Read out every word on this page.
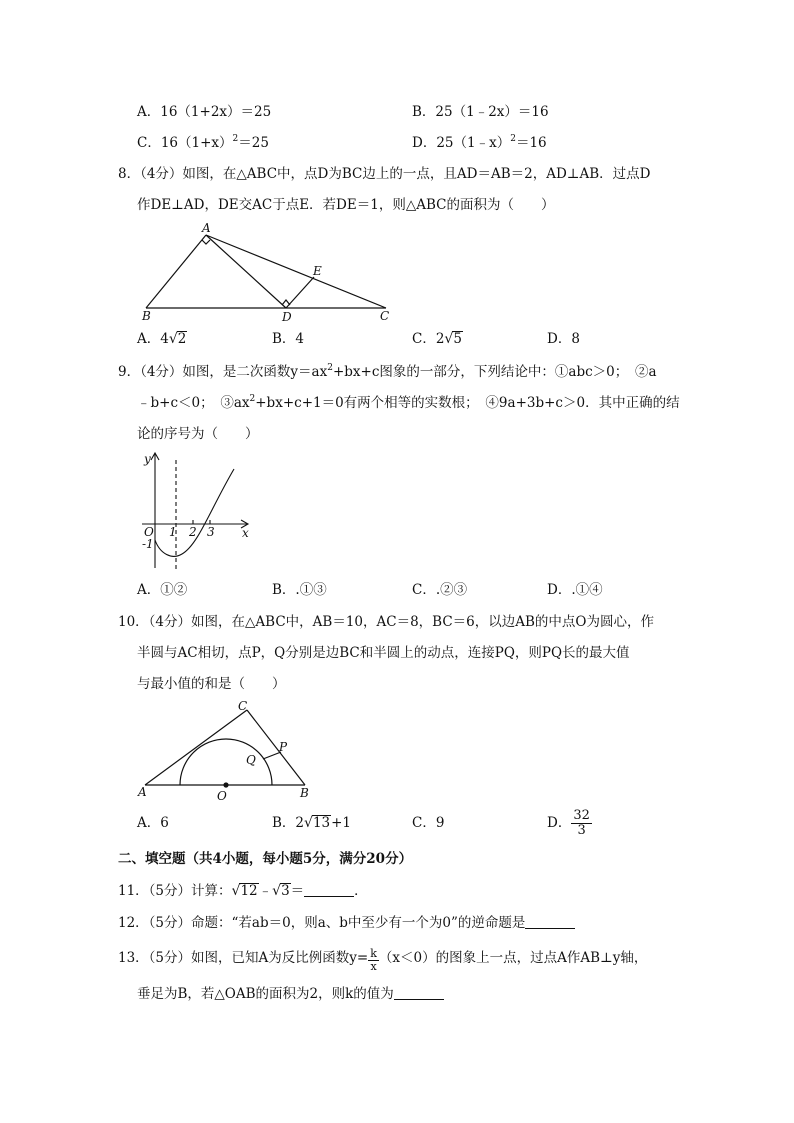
A．16（1+2x）＝25	B．25（1﹣2x）＝16
C．$16(1+x)^2=25$	D．25（1﹣x）$^2$＝16
8．（4分）如图，在△ABC中，点D为BC边上的一点，且AD＝AB＝2，AD⊥AB．过点D
作DE⊥AD，DE交AC于点E．若DE＝1，则△ABC的面积为（　　）
A
B	D	C
E
A．4√2	B．4	C．2√5	D．8
9．（4分）如图，是二次函数$y=ax^2+bx+c$图象的一部分，下列结论中：①abc＞0；　②a
﹣b+c＜0；　$③ax^2+bx+c+1=0$有两个相等的实数根；　④9a+3b+c＞0．其中正确的结
论的序号为（　　）
y
x
O
-1
1 2 3
A．①②	B．.①③	C．.②③	D．.①④
10．（4分）如图，在△ABC中，AB＝10，AC＝8，BC＝6，以边AB的中点O为圆心，作
半圆与AC相切，点P，Q分别是边BC和半圆上的动点，连接PQ，则PQ长的最大值
与最小值的和是（　　）
C
A	B
O
P
Q
A．6	B．2√13+1	C．9	D． $\frac{32}{3}$
二、填空题（共4小题，每小题5分，满分20分）
11．（5分）计算：√12﹣√3＝	．
12．（5分）命题：“若ab＝0，则a、b中至少有一个为0”的逆命题是
13．（5分）如图，已知A为反比例函数$y= \frac{k}{x} (x<0)$的图象上一点，过点A作AB⊥y轴，
垂足为B，若△OAB的面积为2，则k的值为
